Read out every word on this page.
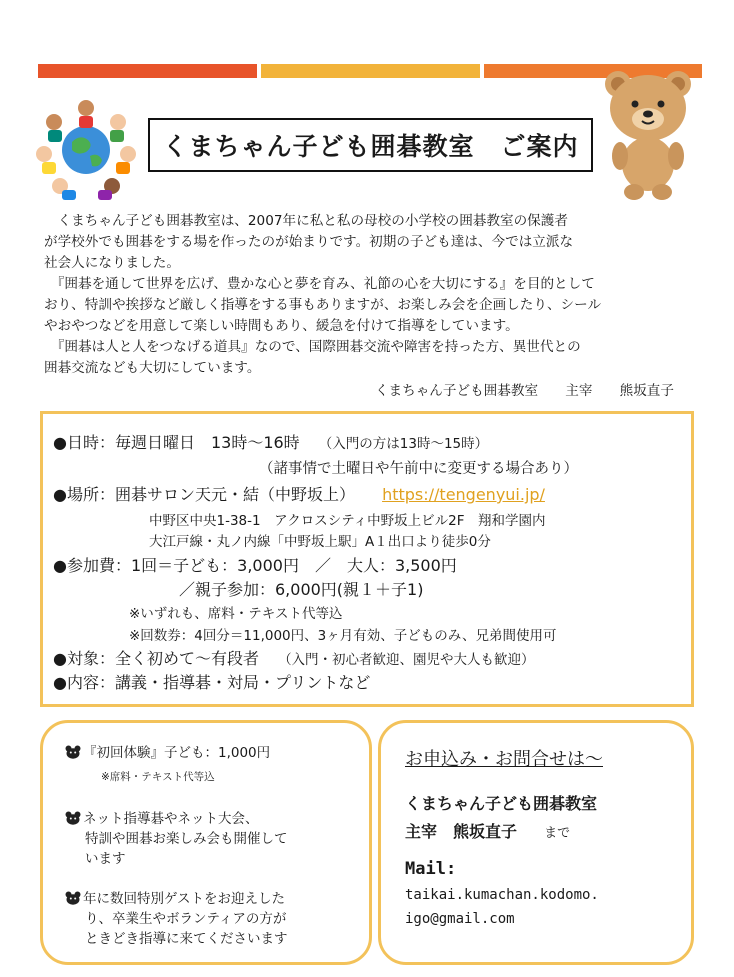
くまちゃん子ども囲碁教室　ご案内
　くまちゃん子ども囲碁教室は、2007年に私と私の母校の小学校の囲碁教室の保護者
が学校外でも囲碁をする場を作ったのが始まりです。初期の子ども達は、今では立派な
社会人になりました。
　『囲碁を通して世界を広げ、豊かな心と夢を育み、礼節の心を大切にする』を目的として
おり、特訓や挨拶など厳しく指導をする事もありますが、お楽しみ会を企画したり、シール
やおやつなどを用意して楽しい時間もあり、緩急を付けて指導をしています。
　『囲碁は人と人をつなげる道具』なので、国際囲碁交流や障害を持った方、異世代との
囲碁交流なども大切にしています。
くまちゃん子ども囲碁教室　　主宰　　熊坂直子
●日時：毎週日曜日　13時～16時 （入門の方は13時～15時）
（諸事情で土曜日や午前中に変更する場合あり）
●場所：囲碁サロン天元・結（中野坂上） https://tengenyui.jp/
中野区中央1-38-1　アクロスシティ中野坂上ビル2F　翔和学園内
大江戸線・丸ノ内線「中野坂上駅」A１出口より徒歩0分
●参加費：1回＝子ども：3,000円　／　大人：3,500円
／親子参加：6,000円(親１＋子1)
※いずれも、席料・テキスト代等込
※回数券：4回分＝11,000円、3ヶ月有効、子どものみ、兄弟間使用可
●対象：全く初めて～有段者 （入門・初心者歓迎、園児や大人も歓迎）
●内容：講義・指導碁・対局・プリントなど
『初回体験』子ども：1,000円
※席料・テキスト代等込
ネット指導碁やネット大会、
特訓や囲碁お楽しみ会も開催して
います
年に数回特別ゲストをお迎えした
り、卒業生やボランティアの方が
ときどき指導に来てくださいます
お申込み・お問合せは～
くまちゃん子ども囲碁教室
主宰　熊坂直子 まで
Mail:
taikai.kumachan.kodomo.
igo@gmail.com
